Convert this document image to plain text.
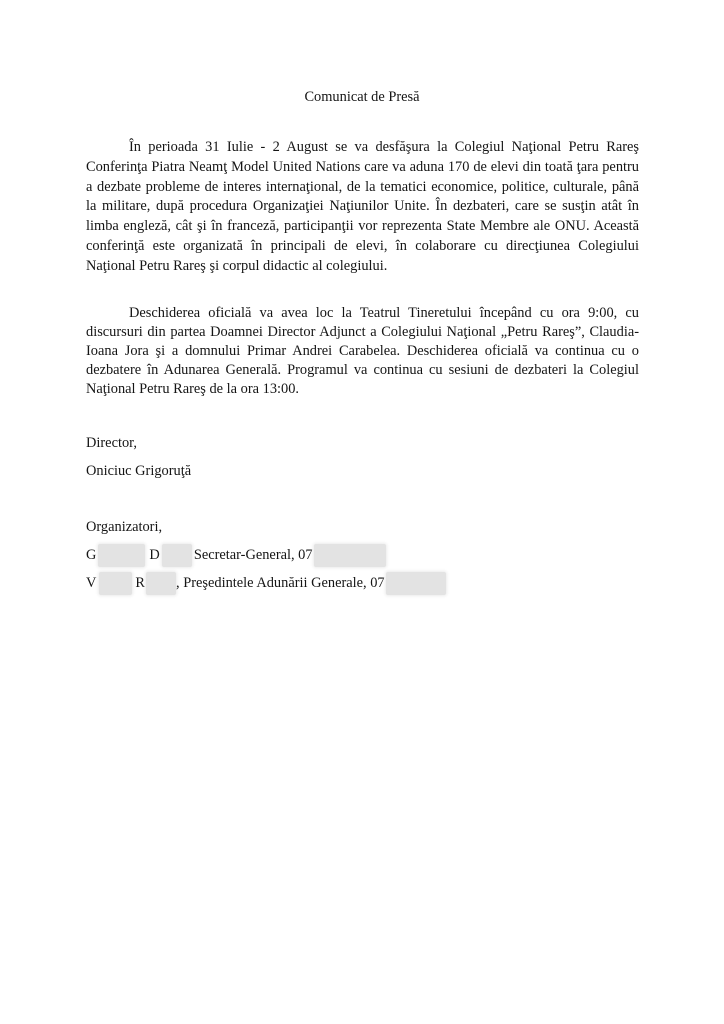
Comunicat de Presă
În perioada 31 Iulie - 2 August se va desfăşura la Colegiul Naţional Petru Rareş
Conferinţa Piatra Neamţ Model United Nations care va aduna 170 de elevi din toată ţara pentru
a dezbate probleme de interes internaţional, de la tematici economice, politice, culturale, până
la militare, după procedura Organizaţiei Naţiunilor Unite. În dezbateri, care se susţin atât în
limba engleză, cât şi în franceză, participanţii vor reprezenta State Membre ale ONU. Această
conferinţă este organizată în principali de elevi, în colaborare cu direcţiunea Colegiului
Naţional Petru Rareş şi corpul didactic al colegiului.
Deschiderea oficială va avea loc la Teatrul Tineretului începând cu ora 9:00, cu
discursuri din partea Doamnei Director Adjunct a Colegiului Naţional „Petru Rareş”, Claudia-
Ioana Jora şi a domnului Primar Andrei Carabelea. Deschiderea oficială va continua cu o
dezbatere în Adunarea Generală. Programul va continua cu sesiuni de dezbateri la Colegiul
Naţional Petru Rareş de la ora 13:00.
Director,
Oniciuc Grigoruţă
Organizatori,
G	D Secretar-General, 07
V	R , Preşedintele Adunării Generale, 07
